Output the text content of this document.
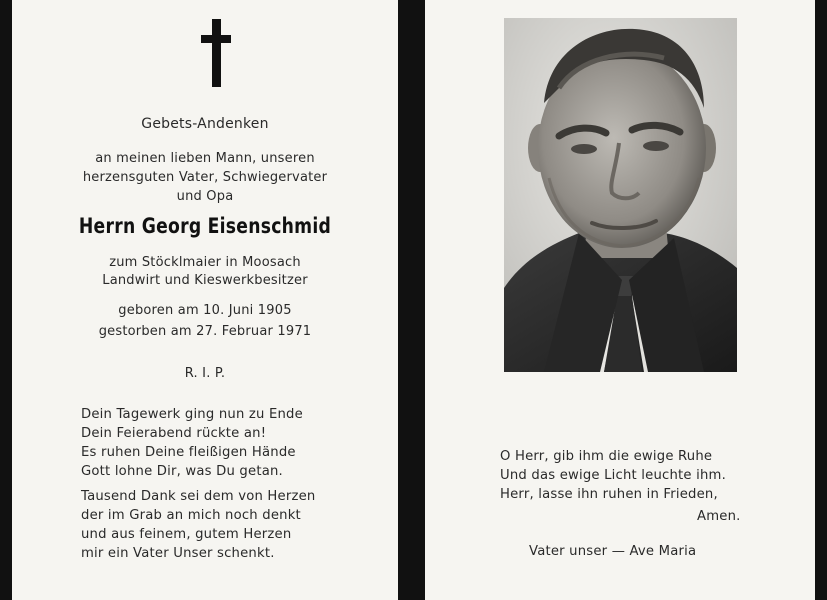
Gebets-Andenken
an meinen lieben Mann, unseren
herzensguten Vater, Schwiegervater
und Opa
Herrn Georg Eisenschmid
zum Stöcklmaier in Moosach
Landwirt und Kieswerkbesitzer
geboren am 10. Juni 1905
gestorben am 27. Februar 1971
R. I. P.
Dein Tagewerk ging nun zu Ende
Dein Feierabend rückte an!
Es ruhen Deine fleißigen Hände
Gott lohne Dir, was Du getan.
Tausend Dank sei dem von Herzen
der im Grab an mich noch denkt
und aus feinem, gutem Herzen
mir ein Vater Unser schenkt.
O Herr, gib ihm die ewige Ruhe
Und das ewige Licht leuchte ihm.
Herr, lasse ihn ruhen in Frieden,
Amen.
Vater unser — Ave Maria
